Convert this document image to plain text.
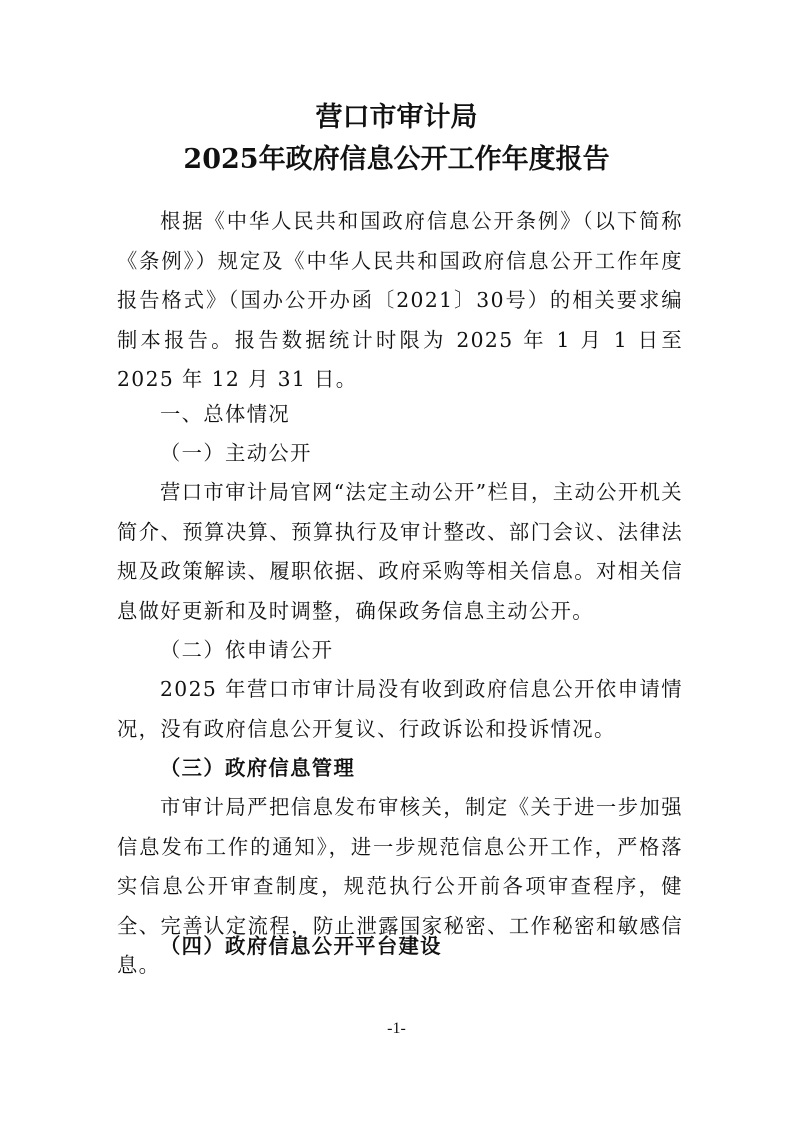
营口市审计局
2025年政府信息公开工作年度报告

根据《中华人民共和国政府信息公开条例》（以下简称《条例》）规定及《中华人民共和国政府信息公开工作年度报告格式》（国办公开办函〔2021〕30号）的相关要求编制本报告。报告数据统计时限为 2025 年 1 月 1 日至 2025 年 12 月 31 日。

一、总体情况
（一）主动公开

营口市审计局官网“法定主动公开”栏目，主动公开机关简介、预算决算、预算执行及审计整改、部门会议、法律法规及政策解读、履职依据、政府采购等相关信息。对相关信息做好更新和及时调整，确保政务信息主动公开。

（二）依申请公开

2025 年营口市审计局没有收到政府信息公开依申请情况，没有政府信息公开复议、行政诉讼和投诉情况。

（三）政府信息管理

市审计局严把信息发布审核关，制定《关于进一步加强信息发布工作的通知》，进一步规范信息公开工作，严格落实信息公开审查制度，规范执行公开前各项审查程序，健全、完善认定流程，防止泄露国家秘密、工作秘密和敏感信息。

（四）政府信息公开平台建设
-1-
